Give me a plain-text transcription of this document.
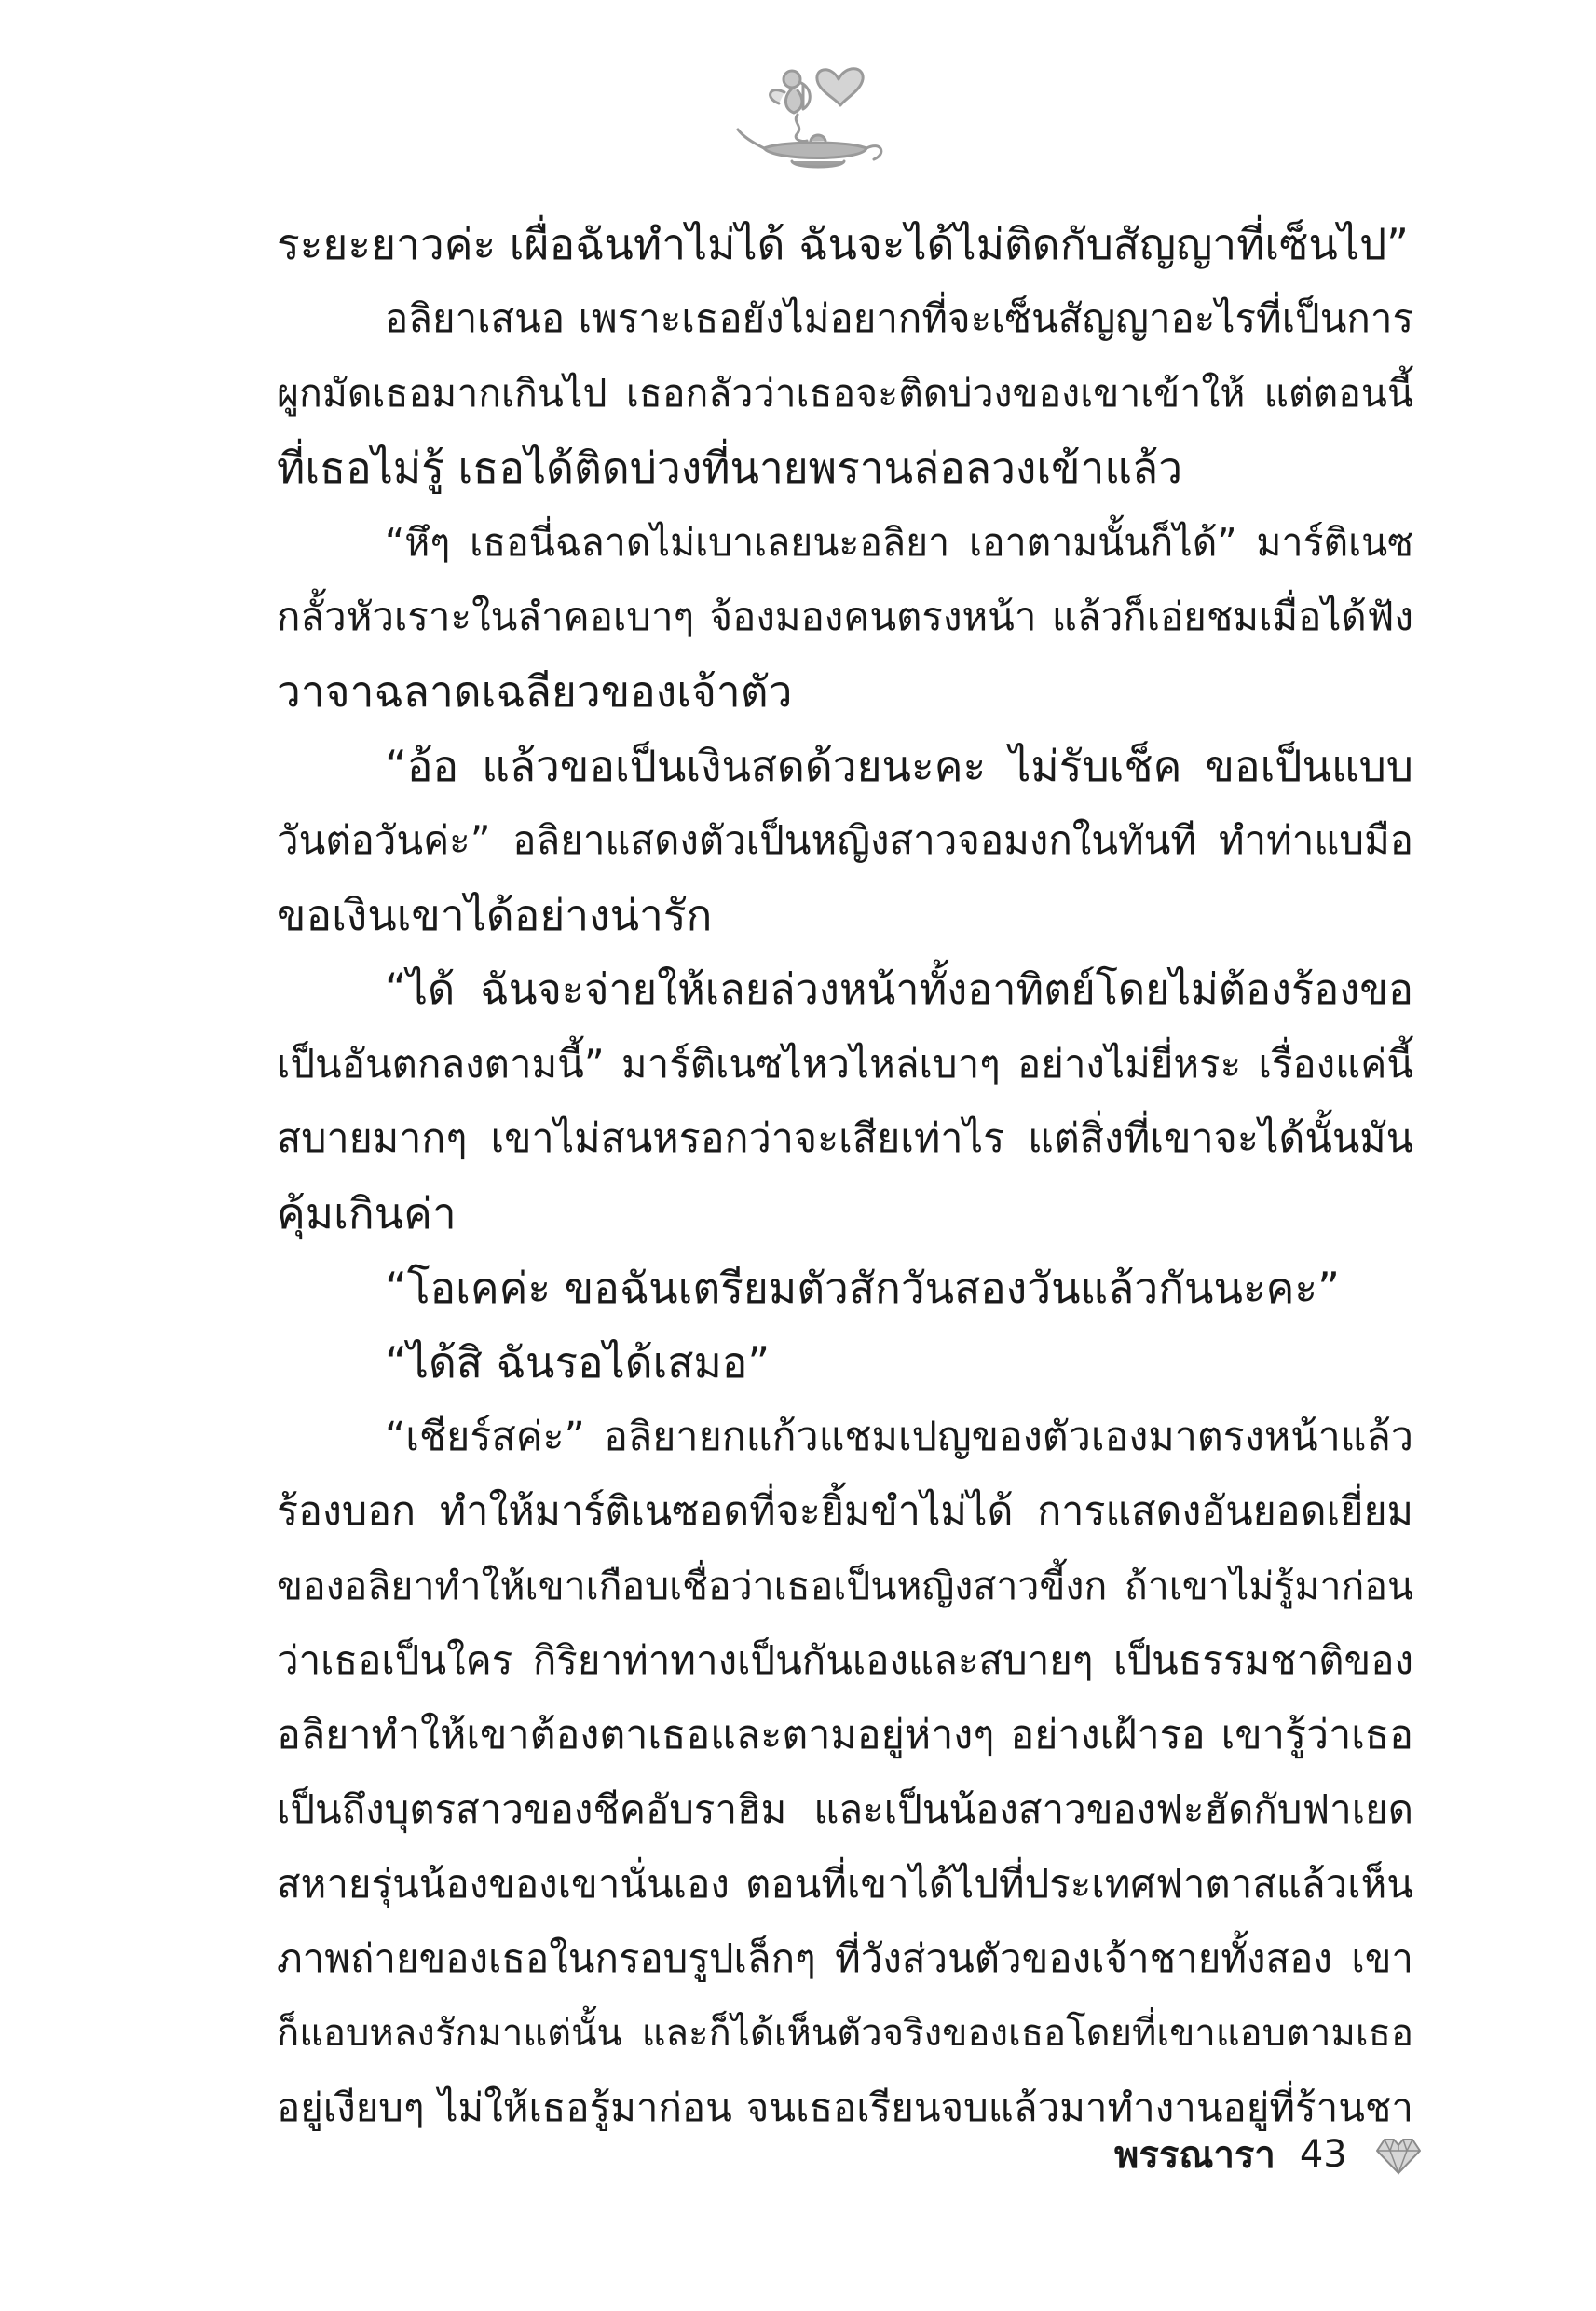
ระยะยาวค่ะ เผื่อฉันทำไม่ได้ ฉันจะได้ไม่ติดกับสัญญาที่เซ็นไป”
อลิยาเสนอ เพราะเธอยังไม่อยากที่จะเซ็นสัญญาอะไรที่เป็นการ
ผูกมัดเธอมากเกินไป เธอกลัวว่าเธอจะติดบ่วงของเขาเข้าให้ แต่ตอนนี้
ที่เธอไม่รู้ เธอได้ติดบ่วงที่นายพรานล่อลวงเข้าแล้ว
“หึๆ เธอนี่ฉลาดไม่เบาเลยนะอลิยา เอาตามนั้นก็ได้” มาร์ติเนซ
กลั้วหัวเราะในลำคอเบาๆ จ้องมองคนตรงหน้า แล้วก็เอ่ยชมเมื่อได้ฟัง
วาจาฉลาดเฉลียวของเจ้าตัว
“อ้อ แล้วขอเป็นเงินสดด้วยนะคะ ไม่รับเช็ค ขอเป็นแบบ
วันต่อวันค่ะ” อลิยาแสดงตัวเป็นหญิงสาวจอมงกในทันที ทำท่าแบมือ
ขอเงินเขาได้อย่างน่ารัก
“ได้ ฉันจะจ่ายให้เลยล่วงหน้าทั้งอาทิตย์โดยไม่ต้องร้องขอ
เป็นอันตกลงตามนี้” มาร์ติเนซไหวไหล่เบาๆ อย่างไม่ยี่หระ เรื่องแค่นี้
สบายมากๆ เขาไม่สนหรอกว่าจะเสียเท่าไร แต่สิ่งที่เขาจะได้นั้นมัน
คุ้มเกินค่า
“โอเคค่ะ ขอฉันเตรียมตัวสักวันสองวันแล้วกันนะคะ”
“ได้สิ ฉันรอได้เสมอ”
“เชียร์สค่ะ” อลิยายกแก้วแชมเปญของตัวเองมาตรงหน้าแล้ว
ร้องบอก ทำให้มาร์ติเนซอดที่จะยิ้มขำไม่ได้ การแสดงอันยอดเยี่ยม
ของอลิยาทำให้เขาเกือบเชื่อว่าเธอเป็นหญิงสาวขี้งก ถ้าเขาไม่รู้มาก่อน
ว่าเธอเป็นใคร กิริยาท่าทางเป็นกันเองและสบายๆ เป็นธรรมชาติของ
อลิยาทำให้เขาต้องตาเธอและตามอยู่ห่างๆ อย่างเฝ้ารอ เขารู้ว่าเธอ
เป็นถึงบุตรสาวของชีคอับราฮิม และเป็นน้องสาวของฟะฮัดกับฟาเยด
สหายรุ่นน้องของเขานั่นเอง ตอนที่เขาได้ไปที่ประเทศฟาตาสแล้วเห็น
ภาพถ่ายของเธอในกรอบรูปเล็กๆ ที่วังส่วนตัวของเจ้าชายทั้งสอง เขา
ก็แอบหลงรักมาแต่นั้น และก็ได้เห็นตัวจริงของเธอโดยที่เขาแอบตามเธอ
อยู่เงียบๆ ไม่ให้เธอรู้มาก่อน จนเธอเรียนจบแล้วมาทำงานอยู่ที่ร้านชา
พรรณารา 43
